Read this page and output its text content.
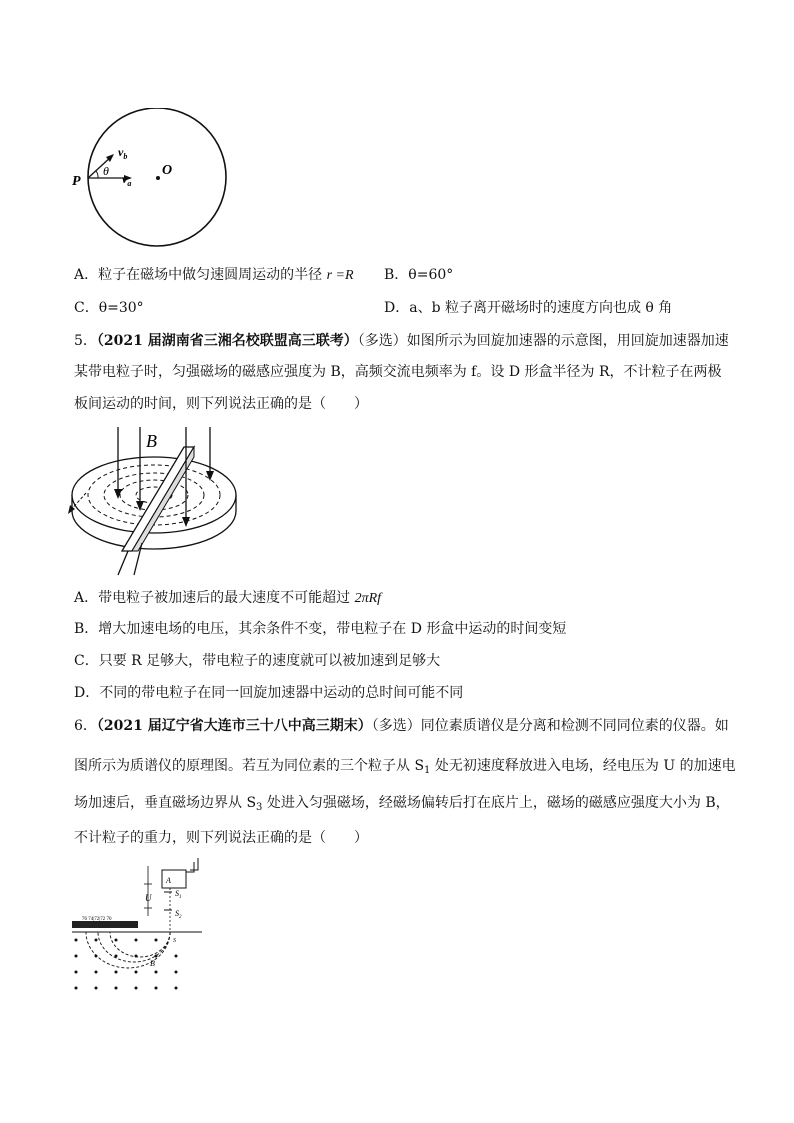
P
O
θ
$v_b$
$v_a$
A．粒子在磁场中做匀速圆周运动的半径 r =R B．θ=60°
C．θ=30°	D．a、b 粒子离开磁场时的速度方向也成 θ 角
5．（2021 届湖南省三湘名校联盟高三联考）（多选）如图所示为回旋加速器的示意图，用回旋加速器加速
某带电粒子时，匀强磁场的磁感应强度为 B，高频交流电频率为 f。设 D 形盒半径为 R，不计粒子在两极
板间运动的时间，则下列说法正确的是（　　）
B
A．带电粒子被加速后的最大速度不可能超过 2πRf
B．增大加速电场的电压，其余条件不变，带电粒子在 D 形盒中运动的时间变短
C．只要 R 足够大，带电粒子的速度就可以被加速到足够大
D．不同的带电粒子在同一回旋加速器中运动的总时间可能不同
6．（2021 届辽宁省大连市三十八中高三期末）（多选）同位素质谱仪是分离和检测不同同位素的仪器。如
图所示为质谱仪的原理图。若互为同位素的三个粒子从 $S_1$ 处无初速度释放进入电场，经电压为 U 的加速电
场加速后，垂直磁场边界从 $S_3$ 处进入匀强磁场，经磁场偏转后打在底片上，磁场的磁感应强度大小为 B，
不计粒子的重力，则下列说法正确的是（　　）
A
$S_1$
$S_2$
U
76 74|72|72 70
S
B
